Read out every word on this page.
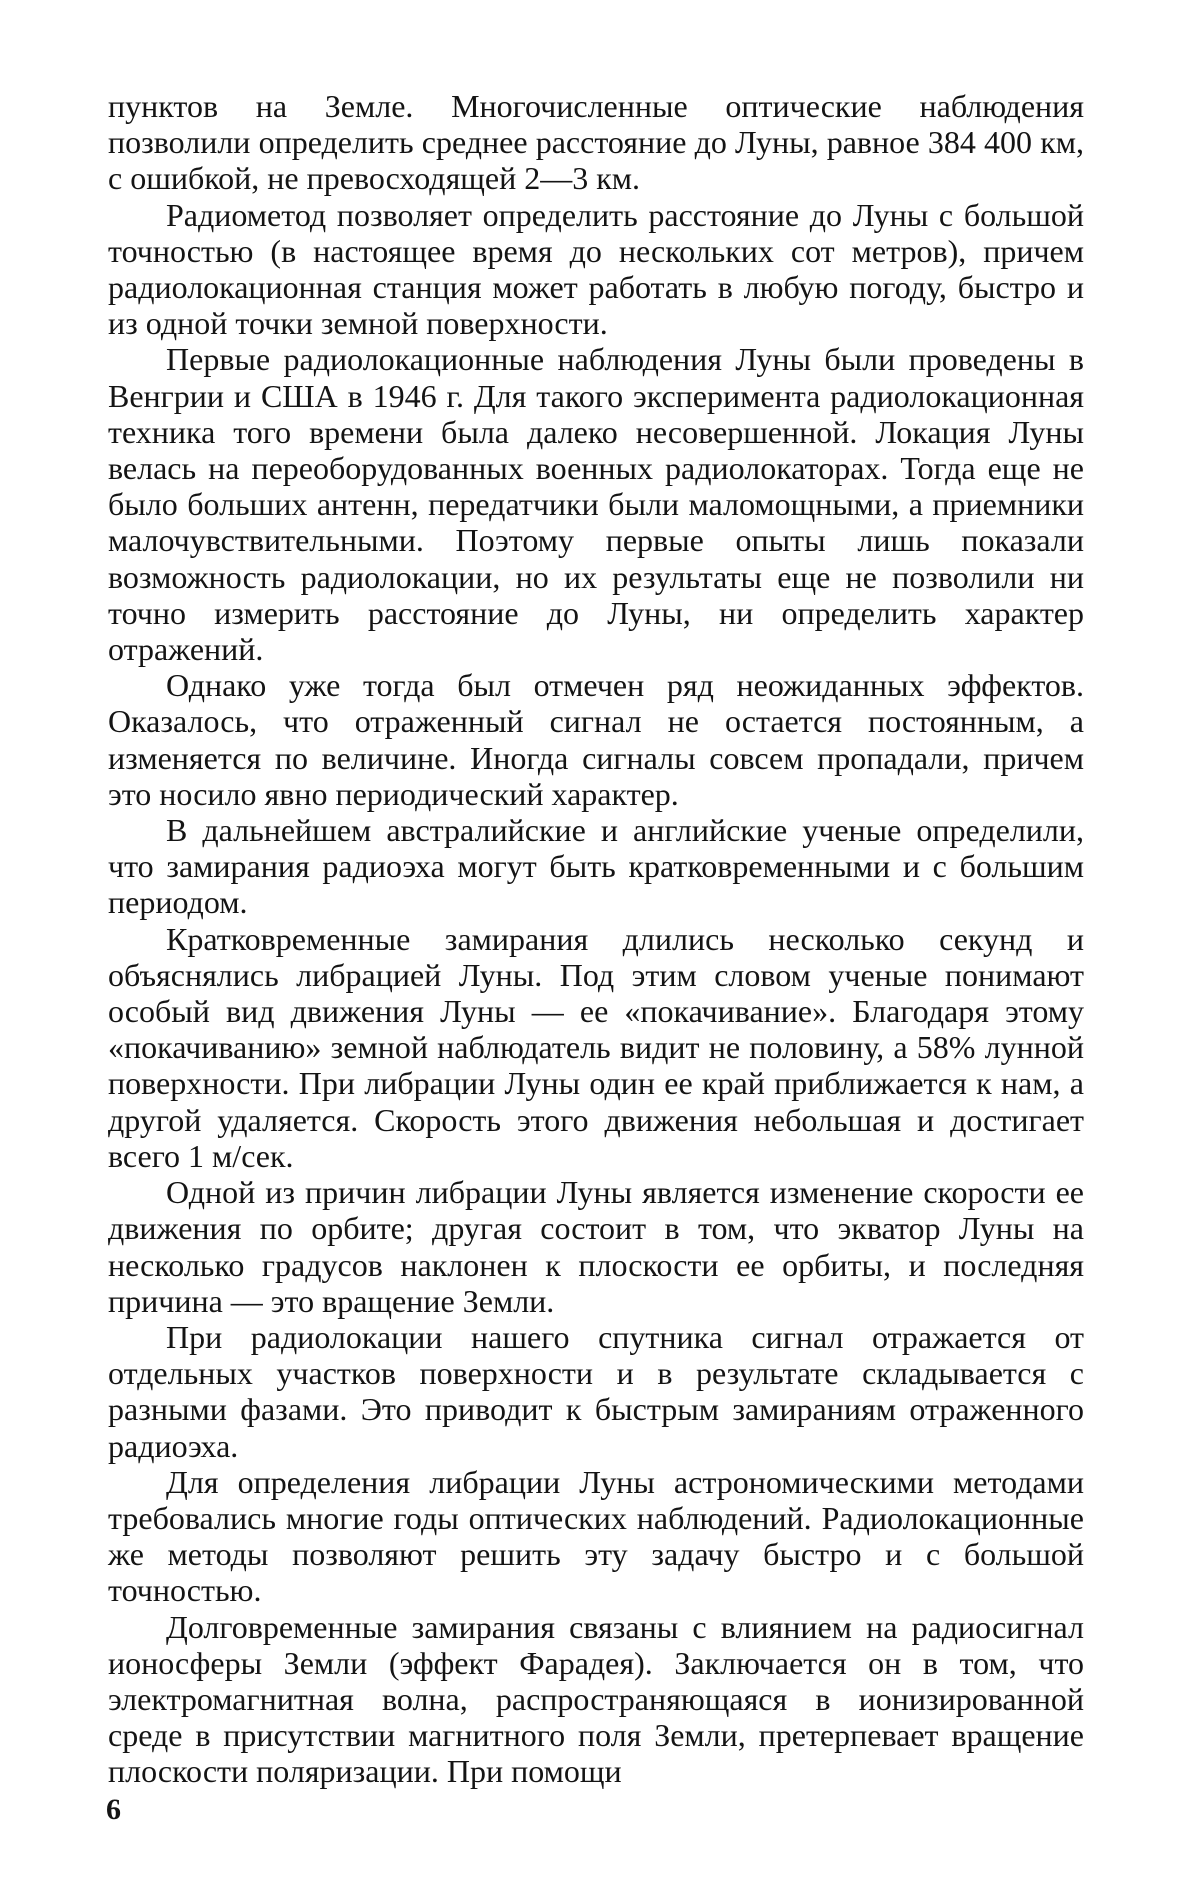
пунктов на Земле. Многочисленные оптические наблюдения позволили определить среднее расстояние до Луны, равное 384 400 км, с ошибкой, не превосходящей 2—3 км.

Радиометод позволяет определить расстояние до Луны с большой точностью (в настоящее время до нескольких сот метров), причем радиолокационная станция может работать в любую погоду, быстро и из одной точки земной поверхности.

Первые радиолокационные наблюдения Луны были проведены в Венгрии и США в 1946 г. Для такого эксперимента радиолокационная техника того времени была далеко несовершенной. Локация Луны велась на переоборудованных военных радиолокаторах. Тогда еще не было больших антенн, передатчики были маломощными, а приемники малочувствительными. Поэтому первые опыты лишь показали возможность радиолокации, но их результаты еще не позволили ни точно измерить расстояние до Луны, ни определить характер отражений.

Однако уже тогда был отмечен ряд неожиданных эффектов. Оказалось, что отраженный сигнал не остается постоянным, а изменяется по величине. Иногда сигналы совсем пропадали, причем это носило явно периодический характер.

В дальнейшем австралийские и английские ученые определили, что замирания радиоэха могут быть кратковременными и с большим периодом.

Кратковременные замирания длились несколько секунд и объяснялись либрацией Луны. Под этим словом ученые понимают особый вид движения Луны — ее «покачивание». Благодаря этому «покачиванию» земной наблюдатель видит не половину, а 58% лунной поверхности. При либрации Луны один ее край приближается к нам, а другой удаляется. Скорость этого движения небольшая и достигает всего 1 м/сек.

Одной из причин либрации Луны является изменение скорости ее движения по орбите; другая состоит в том, что экватор Луны на несколько градусов наклонен к плоскости ее орбиты, и последняя причина — это вращение Земли.

При радиолокации нашего спутника сигнал отражается от отдельных участков поверхности и в результате складывается с разными фазами. Это приводит к быстрым замираниям отраженного радиоэха.

Для определения либрации Луны астрономическими методами требовались многие годы оптических наблюдений. Радиолокационные же методы позволяют решить эту задачу быстро и с большой точностью.

Долговременные замирания связаны с влиянием на радиосигнал ионосферы Земли (эффект Фарадея). Заключается он в том, что электромагнитная волна, распространяющаяся в ионизированной среде в присутствии магнитного поля Земли, претерпевает вращение плоскости поляризации. При помощи

6
